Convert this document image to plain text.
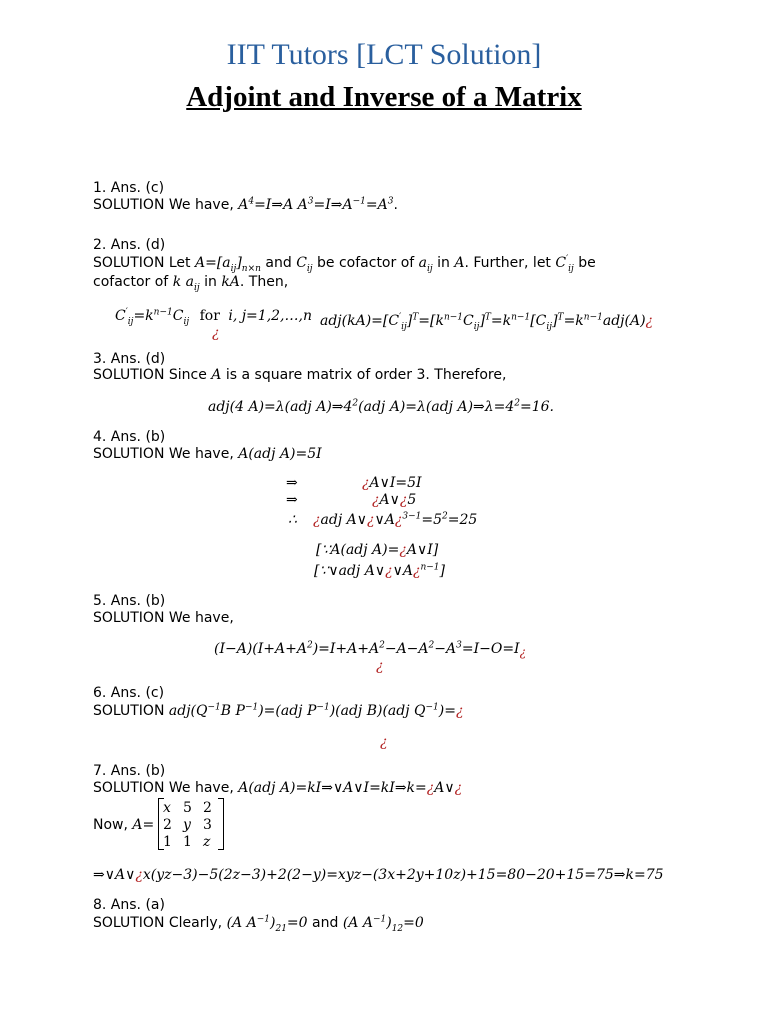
IIT Tutors [LCT Solution]
Adjoint and Inverse of a Matrix
1. Ans. (c)
SOLUTION We have, $A^4=I\Rightarrow A$ $A^3=I\Rightarrow A^{-1}=A^3$.
2. Ans. (d)
SOLUTION Let $A=[a_{ij}]_{n\times n}$ and $C_{ij}$ be cofactor of $a_{ij}$ in A. Further, let $C'_{ij}$ be
cofactor of k $a_{ij}$ in kA. Then,
$C'_{ij}=k^{n-1}C_{ij}$ for i, j=1,2,…,n
¿
$adj(kA)=[C'_{ij}]^T=[k^{n-1}C_{ij}]^T=k^{n-1}[C_{ij}]^T=k^{n-1}adj(A)¿$
3. Ans. (d)
SOLUTION Since A is a square matrix of order 3. Therefore,
adj(4 A)=λ(adj $A)\Rightarrow 4^2(adj$ A)=λ(adj $A)\Rightarrow\lambda=4^2=16$.
4. Ans. (b)
SOLUTION We have, A(adj A)=5I
⇒	¿A∨I=5I
⇒	¿A∨¿5
∴ ¿adj $A\vee¿\vee A¿^{3-1}=5^2=25$
[∵A(adj A)=¿A∨I]
[∵∨adj A∨¿∨A¿$^{n-1}$]
5. Ans. (b)
SOLUTION We have,
$(I-A)(I+A+A^2)=I+A+A^2-A-A^2-A^3=I-O=I¿$
¿
6. Ans. (c)
SOLUTION $adj(Q^{-1}B$ $P^{-1})=(adj$ $P^{-1})(adj$ B)(adj $Q^{-1})=¿$
¿
7. Ans. (b)
SOLUTION We have, A(adj A)=kI⇒∨A∨I=kI⇒k=¿A∨¿
Now, A=
x	5	2
2	y	3
1	1	z
⇒∨A∨¿x(yz−3)−5(2z−3)+2(2−y)=xyz−(3x+2y+10z)+15=80−20+15=75⇒k=75
8. Ans. (a)
SOLUTION Clearly, (A $A^{-1})_{21}=0$ and (A $A^{-1})_{12}=0$
